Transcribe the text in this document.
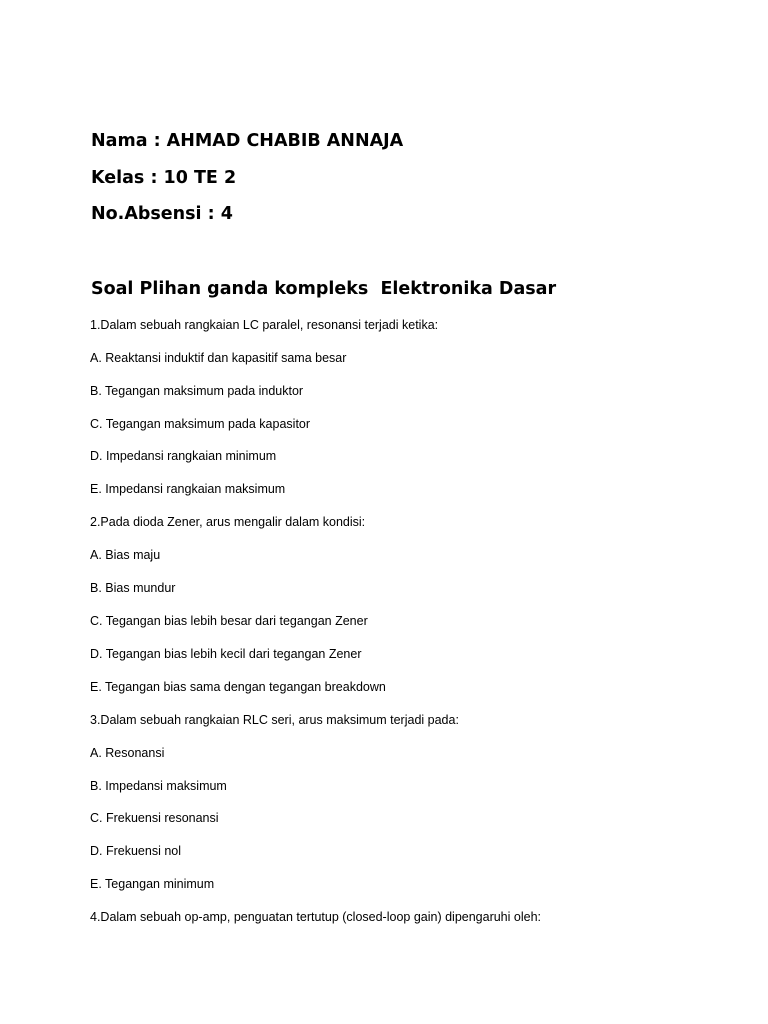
Nama : AHMAD CHABIB ANNAJA
Kelas : 10 TE 2
No.Absensi : 4
Soal Plihan ganda kompleks  Elektronika Dasar
1.Dalam sebuah rangkaian LC paralel, resonansi terjadi ketika:
A. Reaktansi induktif dan kapasitif sama besar
B. Tegangan maksimum pada induktor
C. Tegangan maksimum pada kapasitor
D. Impedansi rangkaian minimum
E. Impedansi rangkaian maksimum
2.Pada dioda Zener, arus mengalir dalam kondisi:
A. Bias maju
B. Bias mundur
C. Tegangan bias lebih besar dari tegangan Zener
D. Tegangan bias lebih kecil dari tegangan Zener
E. Tegangan bias sama dengan tegangan breakdown
3.Dalam sebuah rangkaian RLC seri, arus maksimum terjadi pada:
A. Resonansi
B. Impedansi maksimum
C. Frekuensi resonansi
D. Frekuensi nol
E. Tegangan minimum
4.Dalam sebuah op-amp, penguatan tertutup (closed-loop gain) dipengaruhi oleh:
